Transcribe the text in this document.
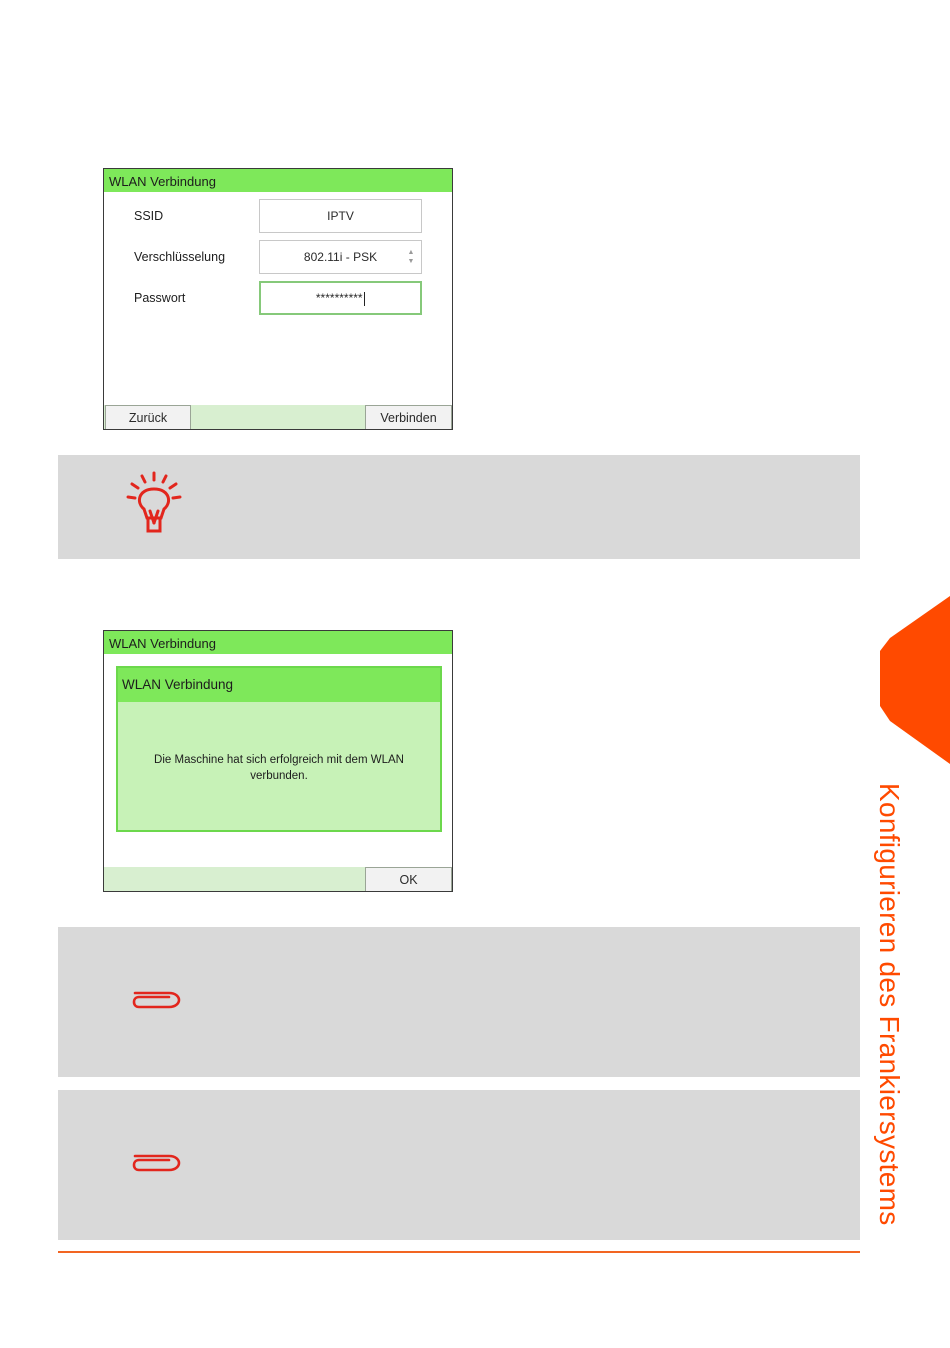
WLAN Verbindung
SSID	IPTV
Verschlüsselung	802.11i - PSK	▲
▼
Passwort	**********
Zurück	Verbinden
WLAN Verbindung
WLAN Verbindung
Die Maschine hat sich erfolgreich mit dem WLAN
verbunden.
OK	Konfigurieren des Frankiersystems
